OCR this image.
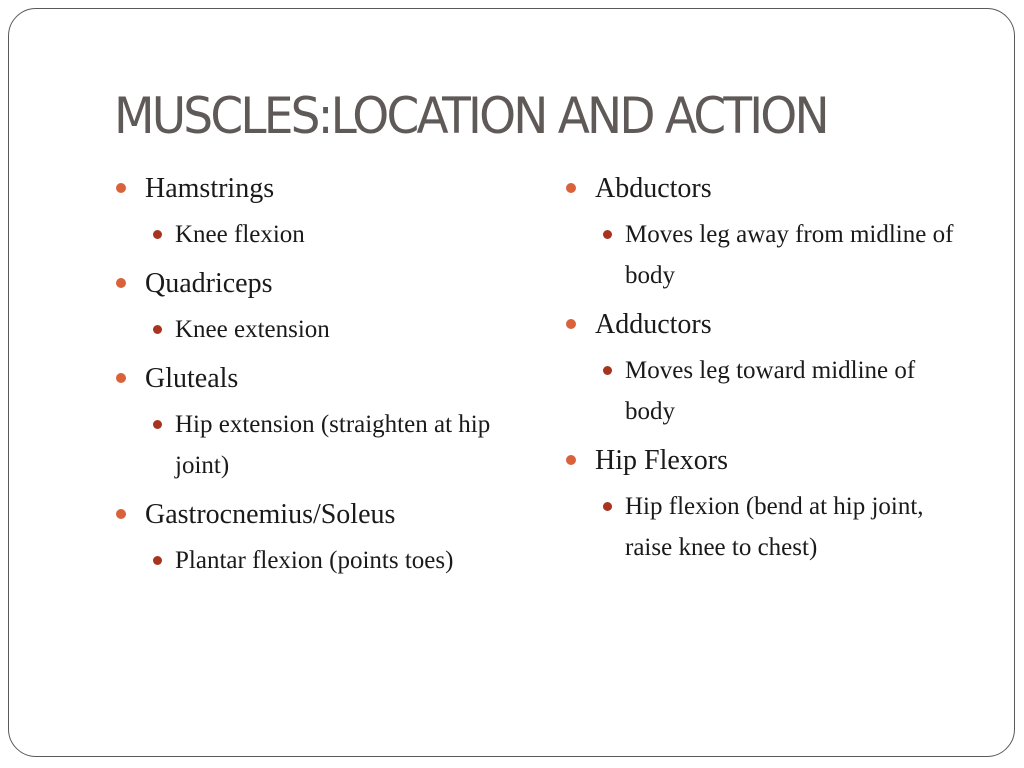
MUSCLES:LOCATION AND ACTION
Hamstrings
Knee flexion
Quadriceps
Knee extension
Gluteals
Hip extension (straighten at hip joint)
Gastrocnemius/Soleus
Plantar flexion (points toes)
Abductors
Moves leg away from midline of body
Adductors
Moves leg toward midline of body
Hip Flexors
Hip flexion (bend at hip joint, raise knee to chest)
